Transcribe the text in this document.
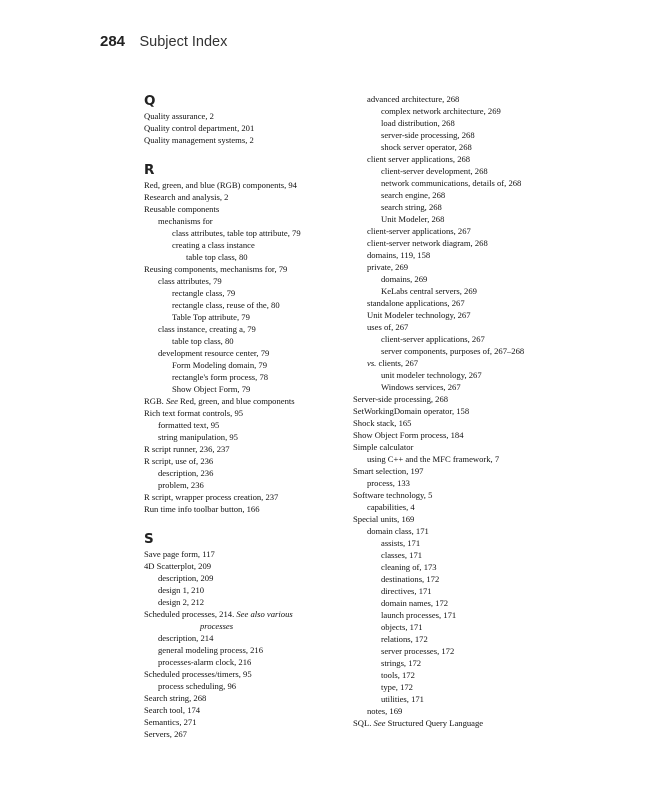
284 Subject Index
Q
Quality assurance, 2
Quality control department, 201
Quality management systems, 2
R
Red, green, and blue (RGB) components, 94
Research and analysis, 2
Reusable components
mechanisms for
class attributes, table top attribute, 79
creating a class instance
table top class, 80
Reusing components, mechanisms for, 79
class attributes, 79
rectangle class, 79
rectangle class, reuse of the, 80
Table Top attribute, 79
class instance, creating a, 79
table top class, 80
development resource center, 79
Form Modeling domain, 79
rectangle's form process, 78
Show Object Form, 79
RGB. See Red, green, and blue components
Rich text format controls, 95
formatted text, 95
string manipulation, 95
R script runner, 236, 237
R script, use of, 236
description, 236
problem, 236
R script, wrapper process creation, 237
Run time info toolbar button, 166
S
Save page form, 117
4D Scatterplot, 209
description, 209
design 1, 210
design 2, 212
Scheduled processes, 214. See also various
processes
description, 214
general modeling process, 216
processes-alarm clock, 216
Scheduled processes/timers, 95
process scheduling, 96
Search string, 268
Search tool, 174
Semantics, 271
Servers, 267
advanced architecture, 268
complex network architecture, 269
load distribution, 268
server-side processing, 268
shock server operator, 268
client server applications, 268
client-server development, 268
network communications, details of, 268
search engine, 268
search string, 268
Unit Modeler, 268
client-server applications, 267
client-server network diagram, 268
domains, 119, 158
private, 269
domains, 269
KeLabs central servers, 269
standalone applications, 267
Unit Modeler technology, 267
uses of, 267
client-server applications, 267
server components, purposes of, 267–268
vs. clients, 267
unit modeler technology, 267
Windows services, 267
Server-side processing, 268
SetWorkingDomain operator, 158
Shock stack, 165
Show Object Form process, 184
Simple calculator
using C++ and the MFC framework, 7
Smart selection, 197
process, 133
Software technology, 5
capabilities, 4
Special units, 169
domain class, 171
assists, 171
classes, 171
cleaning of, 173
destinations, 172
directives, 171
domain names, 172
launch processes, 171
objects, 171
relations, 172
server processes, 172
strings, 172
tools, 172
type, 172
utilities, 171
notes, 169
SQL. See Structured Query Language
